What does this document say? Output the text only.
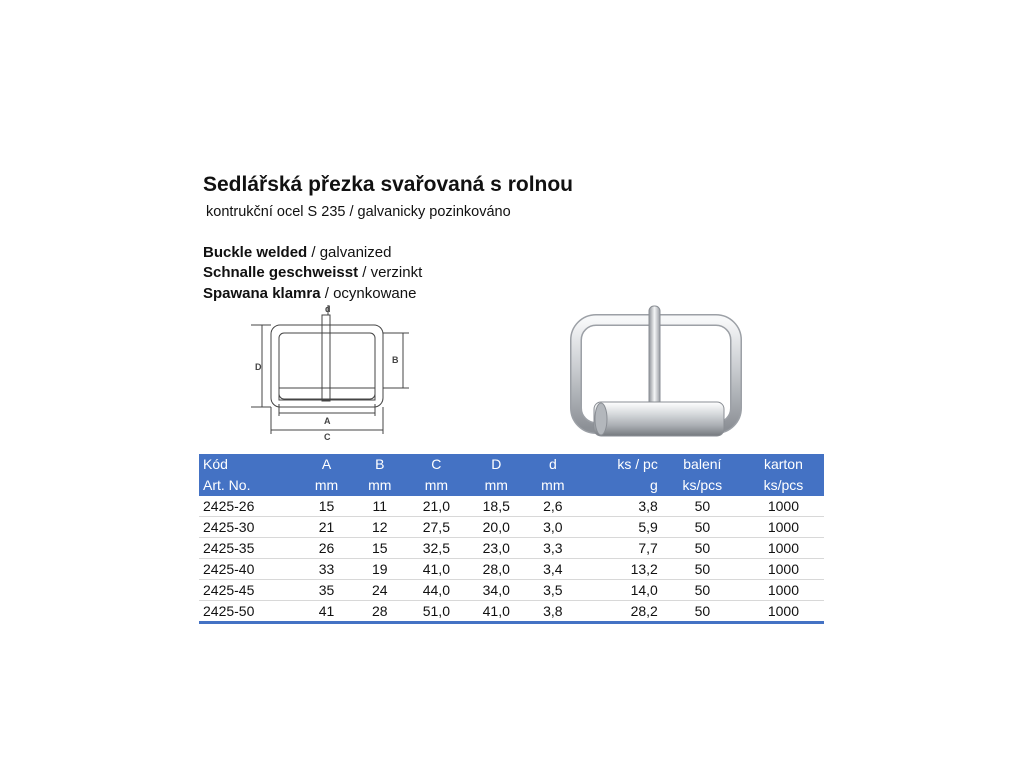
Sedlářská přezka svařovaná s rolnou
kontrukční ocel S 235 / galvanicky pozinkováno
Buckle welded / galvanized
Schnalle geschweisst / verzinkt
Spawana klamra / ocynkowane
d
D
B
A
C
Kód	A	B	C	D	d	ks / pc	balení	karton
Art. No.	mm	mm	mm	mm	mm	g	ks/pcs	ks/pcs
2425-26	15	11	21,0	18,5	2,6	3,8	50	1000
2425-30	21	12	27,5	20,0	3,0	5,9	50	1000
2425-35	26	15	32,5	23,0	3,3	7,7	50	1000
2425-40	33	19	41,0	28,0	3,4	13,2	50	1000
2425-45	35	24	44,0	34,0	3,5	14,0	50	1000
2425-50	41	28	51,0	41,0	3,8	28,2	50	1000
